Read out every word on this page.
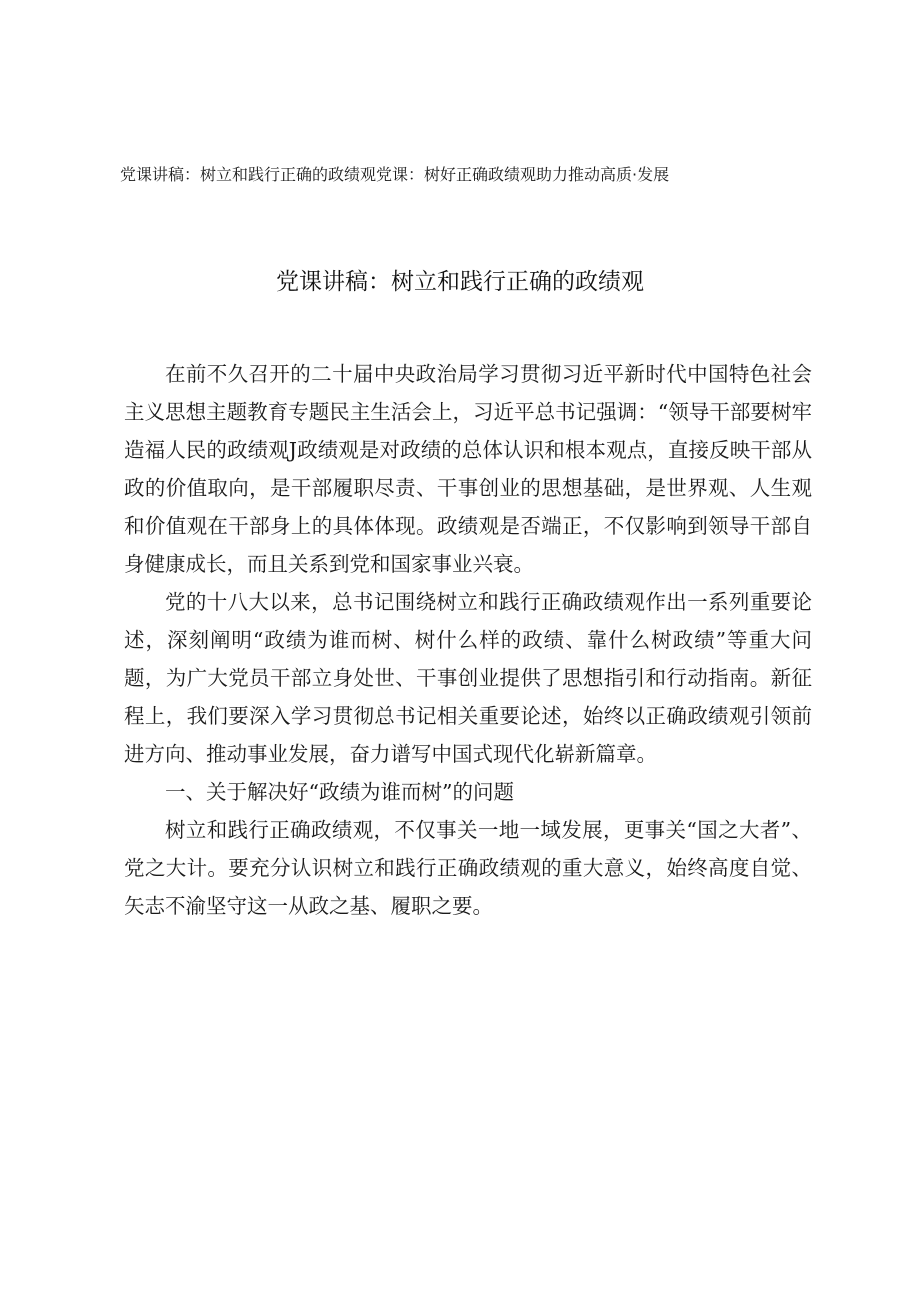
党课讲稿：树立和践行正确的政绩观党课：树好正确政绩观助力推动高质·发展
党课讲稿：树立和践行正确的政绩观

在前不久召开的二十届中央政治局学习贯彻习近平新时代中国特色社会主义思想主题教育专题民主生活会上，习近平总书记强调：“领导干部要树牢造福人民的政绩观J政绩观是对政绩的总体认识和根本观点，直接反映干部从政的价值取向，是干部履职尽责、干事创业的思想基础，是世界观、人生观和价值观在干部身上的具体体现。政绩观是否端正，不仅影响到领导干部自身健康成长，而且关系到党和国家事业兴衰。

党的十八大以来，总书记围绕树立和践行正确政绩观作出一系列重要论述，深刻阐明“政绩为谁而树、树什么样的政绩、靠什么树政绩”等重大问题，为广大党员干部立身处世、干事创业提供了思想指引和行动指南。新征程上，我们要深入学习贯彻总书记相关重要论述，始终以正确政绩观引领前进方向、推动事业发展，奋力谱写中国式现代化崭新篇章。

一、关于解决好“政绩为谁而树”的问题

树立和践行正确政绩观，不仅事关一地一域发展，更事关“国之大者”、党之大计。要充分认识树立和践行正确政绩观的重大意义，始终高度自觉、矢志不渝坚守这一从政之基、履职之要。
